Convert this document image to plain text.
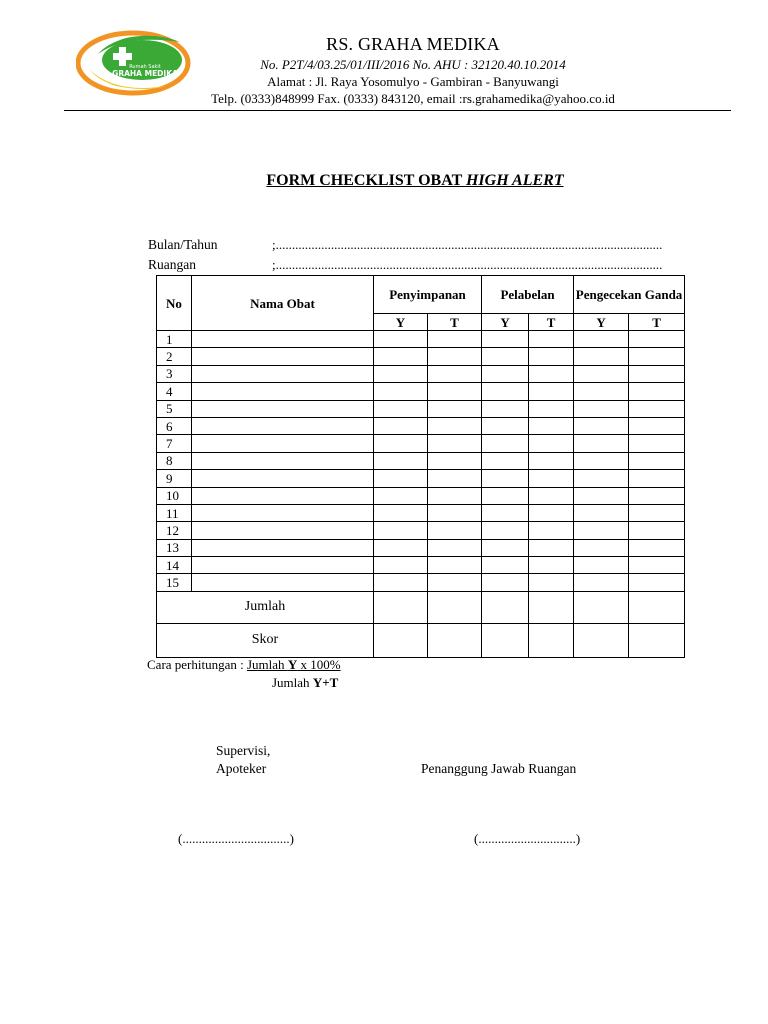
Rumah Sakit
GRAHA MEDIKA
RS. GRAHA MEDIKA
No. P2T/4/03.25/01/III/2016 No. AHU : 32120.40.10.2014
Alamat : Jl. Raya Yosomulyo - Gambiran - Banyuwangi
Telp. (0333)848999 Fax. (0333) 843120, email :rs.grahamedika@yahoo.co.id
FORM CHECKLIST OBAT HIGH ALERT
Bulan/Tahun	;.......................................................................................................................
Ruangan	;.......................................................................................................................
No	Nama Obat	Penyimpanan		Pelabelan		Pengecekan Ganda	
		Y	T	Y	T	Y	T
1							
2							
3							
4							
5							
6							
7							
8							
9							
10							
11							
12							
13							
14							
15							
Jumlah							
Skor							
Cara perhitungan : Jumlah Y x 100%
Jumlah Y+T
Supervisi,
Apoteker	Penanggung Jawab Ruangan
(.................................)	(..............................)
